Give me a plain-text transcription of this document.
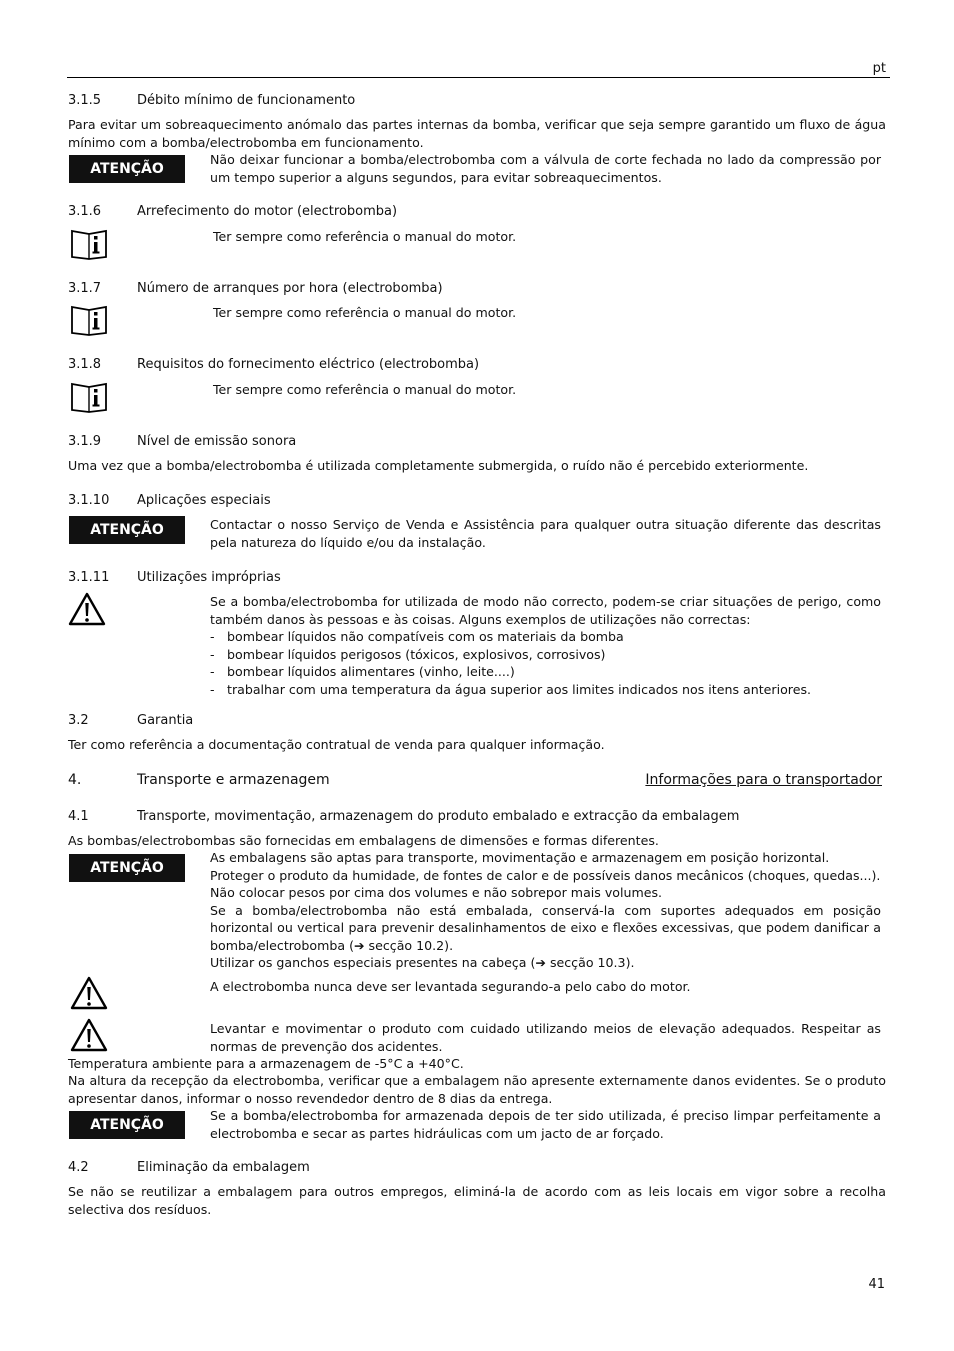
pt
3.1.5	Débito mínimo de funcionamento
Para evitar um sobreaquecimento anómalo das partes internas da bomba, verificar que seja sempre garantido um fluxo de água mínimo com a bomba/electrobomba em funcionamento.
ATENÇÃO
Não deixar funcionar a bomba/electrobomba com a válvula de corte fechada no lado da compressão por um tempo superior a alguns segundos, para evitar sobreaquecimentos.
3.1.6	Arrefecimento do motor (electrobomba)
Ter sempre como referência o manual do motor.
3.1.7	Número de arranques por hora (electrobomba)
Ter sempre como referência o manual do motor.
3.1.8	Requisitos do fornecimento eléctrico (electrobomba)
Ter sempre como referência o manual do motor.
3.1.9	Nível de emissão sonora
Uma vez que a bomba/electrobomba é utilizada completamente submergida, o ruído não é percebido exteriormente.
3.1.10 Aplicações especiais
ATENÇÃO	Contactar o nosso Serviço de Venda e Assistência para qualquer outra situação diferente das descritas pela natureza do líquido e/ou da instalação.
3.1.11 Utilizações impróprias
Se a bomba/electrobomba for utilizada de modo não correcto, podem-se criar situações de perigo, como também danos às pessoas e às coisas. Alguns exemplos de utilizações não correctas:
- bombear líquidos não compatíveis com os materiais da bomba
- bombear líquidos perigosos (tóxicos, explosivos, corrosivos)
- bombear líquidos alimentares (vinho, leite....)
- trabalhar com uma temperatura da água superior aos limites indicados nos itens anteriores.
3.2	Garantia
Ter como referência a documentação contratual de venda para qualquer informação.
4.	Transporte e armazenagem	Informações para o transportador
4.1	Transporte, movimentação, armazenagem do produto embalado e extracção da embalagem
As bombas/electrobombas são fornecidas em embalagens de dimensões e formas diferentes.
ATENÇÃO
As embalagens são aptas para transporte, movimentação e armazenagem em posição horizontal.
Proteger o produto da humidade, de fontes de calor e de possíveis danos mecânicos (choques, quedas...).
Não colocar pesos por cima dos volumes e não sobrepor mais volumes.
Se a bomba/electrobomba não está embalada, conservá-la com suportes adequados em posição horizontal ou vertical para prevenir desalinhamentos de eixo e flexões excessivas, que podem danificar a bomba/electrobomba (➔ secção 10.2).
Utilizar os ganchos especiais presentes na cabeça (➔ secção 10.3).
A electrobomba nunca deve ser levantada segurando-a pelo cabo do motor.
Levantar e movimentar o produto com cuidado utilizando meios de elevação adequados. Respeitar as normas de prevenção dos acidentes.
Temperatura ambiente para a armazenagem de -5°C a +40°C.
Na altura da recepção da electrobomba, verificar que a embalagem não apresente externamente danos evidentes. Se o produto apresentar danos, informar o nosso revendedor dentro de 8 dias da entrega.
ATENÇÃO
Se a bomba/electrobomba for armazenada depois de ter sido utilizada, é preciso limpar perfeitamente a electrobomba e secar as partes hidráulicas com um jacto de ar forçado.
4.2	Eliminação da embalagem
Se não se reutilizar a embalagem para outros empregos, eliminá-la de acordo com as leis locais em vigor sobre a recolha selectiva dos resíduos.
41
